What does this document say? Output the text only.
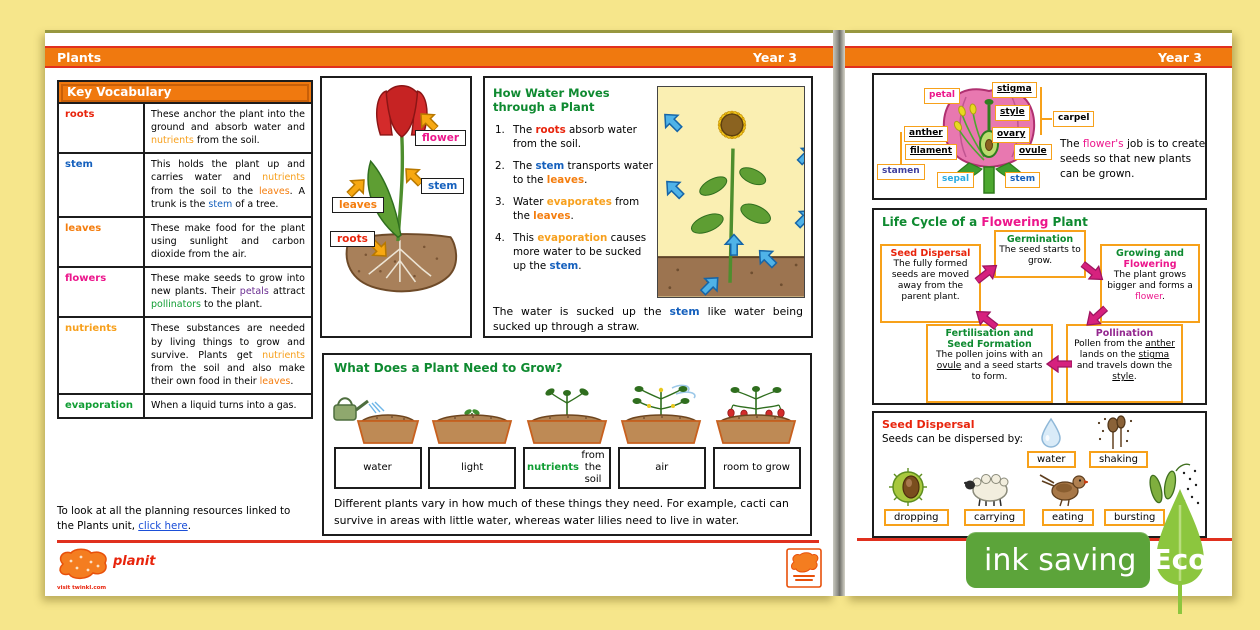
Plants	Year 3
Key Vocabulary
roots	These anchor the plant into the ground and absorb water and nutrients from the soil.
stem	This holds the plant up and carries water and nutrients from the soil to the leaves. A trunk is the stem of a tree.
leaves	These make food for the plant using sunlight and carbon dioxide from the air.
flowers	These make seeds to grow into new plants. Their petals attract pollinators to the plant.
nutrients	These substances are needed by living things to grow and survive. Plants get nutrients from the soil and also make their own food in their leaves.
evaporation	When a liquid turns into a gas.
flower
stem
leaves
roots
How Water Moves through a Plant
1. The roots absorb water from the soil.
2. The stem transports water to the leaves.
3. Water evaporates from the leaves.
4. This evaporation causes more water to be sucked up the stem.
The water is sucked up the stem like water being sucked up through a straw.
What Does a Plant Need to Grow?
water	light	nutrients
from the soil
air	room to grow
Different plants vary in how much of these things they need. For example, cacti can survive in areas with little water, whereas water lilies need to live in water.
To look at all the planning resources linked to the Plants unit, click here.
planit
visit twinkl.com
Year 3
petal
stigma
style
carpel
anther	ovary
filament	ovule
stamen
sepal	stem
The flower's job is to create seeds so that new plants can be grown.
Life Cycle of a Flowering Plant
Germination
The seed starts to grow.
Seed Dispersal
The fully formed seeds are moved away from the parent plant.
Growing and Flowering
The plant grows bigger and forms a flower.
Fertilisation and Seed Formation
The pollen joins with an ovule and a seed starts to form.
Pollination
Pollen from the anther lands on the stigma and travels down the style.
Seed Dispersal
Seeds can be dispersed by:
water	shaking
dropping	carrying	eating	bursting
ink saving Eco
